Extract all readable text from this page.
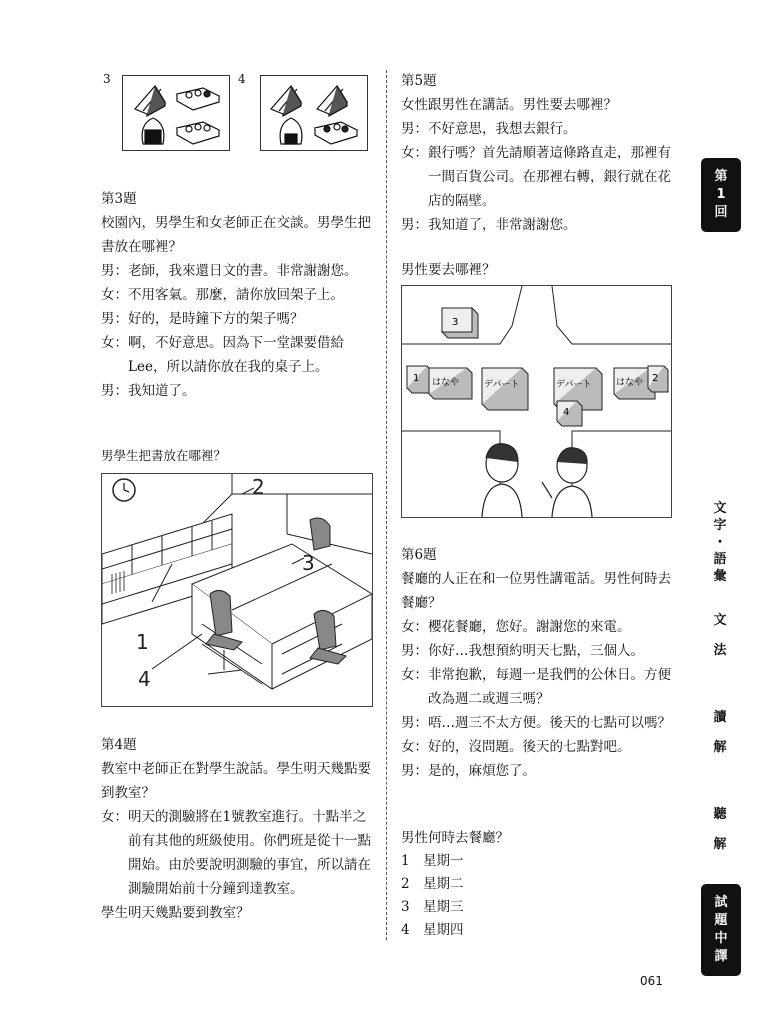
3	4
第3題

校園內，男學生和女老師正在交談。男學生把書放在哪裡？

男： 老師，我來還日文的書。非常謝謝您。
女： 不用客氣。那麼，請你放回架子上。
男： 好的，是時鐘下方的架子嗎？
女： 啊，不好意思。因為下一堂課要借給Lee，所以請你放在我的桌子上。
男： 我知道了。
男學生把書放在哪裡？
2
3
1
4
第4題

教室中老師正在對學生說話。學生明天幾點要到教室？

女： 明天的測驗將在1號教室進行。十點半之前有其他的班級使用。你們班是從十一點開始。由於要說明測驗的事宜，所以請在測驗開始前十分鐘到達教室。

學生明天幾點要到教室？

第5題

女性跟男性在講話。男性要去哪裡？

男： 不好意思，我想去銀行。
女： 銀行嗎？首先請順著這條路直走，那裡有一間百貨公司。在那裡右轉，銀行就在花店的隔壁。
男： 我知道了，非常謝謝您。
男性要去哪裡？
3
1 はなや	デパート	デパート	はなや 2
4
第6題

餐廳的人正在和一位男性講電話。男性何時去餐廳？

女： 櫻花餐廳，您好。謝謝您的來電。
男： 你好…我想預約明天七點，三個人。
女： 非常抱歉，每週一是我們的公休日。方便改為週二或週三嗎？
男： 唔…週三不太方便。後天的七點可以嗎？
女： 好的，沒問題。後天的七點對吧。
男： 是的，麻煩您了。

男性何時去餐廳？

1 星期一
2 星期二
3 星期三
4 星期四
第
1
回
文
字
・
語
彙
文
法
讀
解
聽
解
試
題
中
譯
061
